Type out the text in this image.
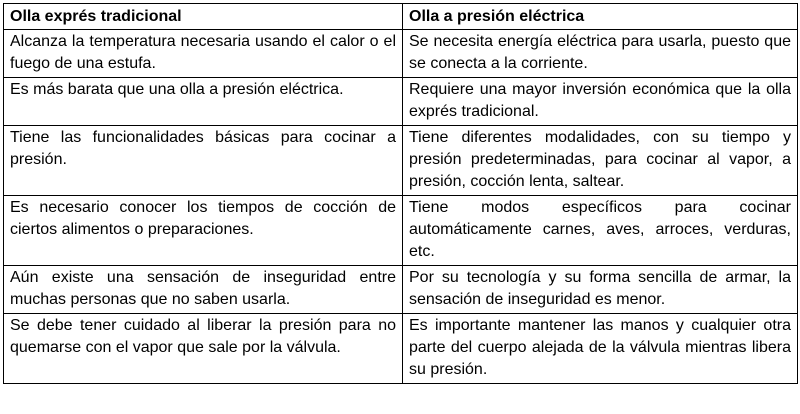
Olla exprés tradicional	Olla a presión eléctrica
Alcanza la temperatura necesaria usando el calor o el fuego de una estufa.	Se necesita energía eléctrica para usarla, puesto que se conecta a la corriente.
Es más barata que una olla a presión eléctrica.	Requiere una mayor inversión económica que la olla exprés tradicional.
Tiene las funcionalidades básicas para cocinar a presión.	Tiene diferentes modalidades, con su tiempo y presión predeterminadas, para cocinar al vapor, a presión, cocción lenta, saltear.
Es necesario conocer los tiempos de cocción de ciertos alimentos o preparaciones.	Tiene modos específicos para cocinar automáticamente carnes, aves, arroces, verduras, etc.
Aún existe una sensación de inseguridad entre muchas personas que no saben usarla.	Por su tecnología y su forma sencilla de armar, la sensación de inseguridad es menor.
Se debe tener cuidado al liberar la presión para no quemarse con el vapor que sale por la válvula.	Es importante mantener las manos y cualquier otra parte del cuerpo alejada de la válvula mientras libera su presión.
